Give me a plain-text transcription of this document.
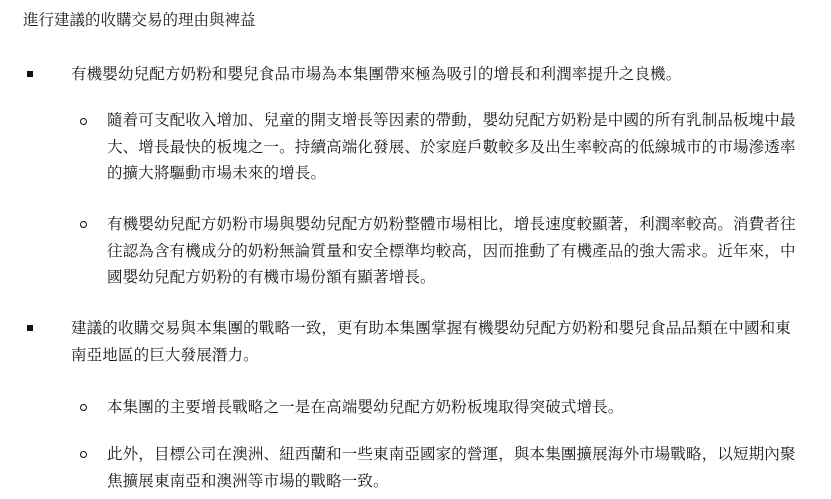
進行建議的收購交易的理由與裨益
有機嬰幼兒配方奶粉和嬰兒食品市場為本集團帶來極為吸引的增長和利潤率提升之良機。
隨着可支配收入增加、兒童的開支增長等因素的帶動，嬰幼兒配方奶粉是中國的所有乳制品板塊中最大、增長最快的板塊之一。持續高端化發展、於家庭戶數較多及出生率較高的低線城市的市場滲透率的擴大將驅動市場未來的增長。
有機嬰幼兒配方奶粉市場與嬰幼兒配方奶粉整體市場相比，增長速度較顯著，利潤率較高。消費者往往認為含有機成分的奶粉無論質量和安全標準均較高，因而推動了有機產品的強大需求。近年來，中國嬰幼兒配方奶粉的有機市場份額有顯著增長。
建議的收購交易與本集團的戰略一致，更有助本集團掌握有機嬰幼兒配方奶粉和嬰兒食品品類在中國和東南亞地區的巨大發展潛力。
本集團的主要增長戰略之一是在高端嬰幼兒配方奶粉板塊取得突破式增長。
此外，目標公司在澳洲、紐西蘭和一些東南亞國家的營運，與本集團擴展海外市場戰略，以短期內聚焦擴展東南亞和澳洲等市場的戰略一致。
